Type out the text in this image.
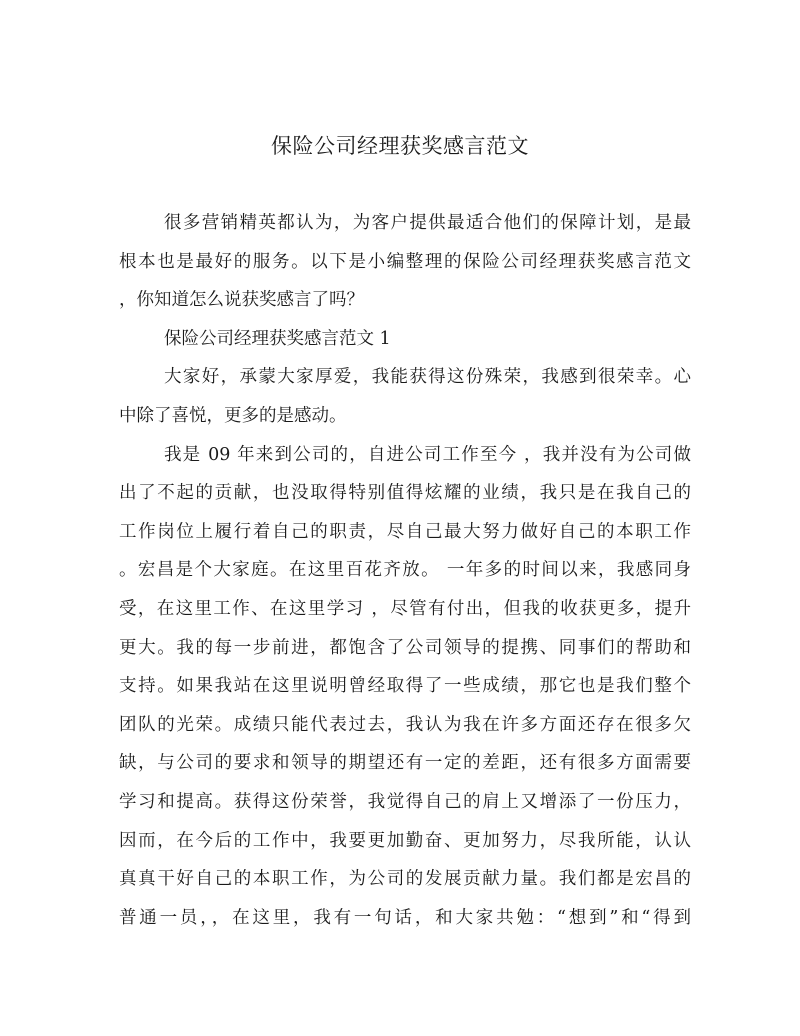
保险公司经理获奖感言范文
很多营销精英都认为，为客户提供最适合他们的保障计划，是最
根本也是最好的服务。以下是小编整理的保险公司经理获奖感言范文
，你知道怎么说获奖感言了吗？
保险公司经理获奖感言范文 1
大家好，承蒙大家厚爱，我能获得这份殊荣，我感到很荣幸。心
中除了喜悦，更多的是感动。
我是 09 年来到公司的，自进公司工作至今 ，我并没有为公司做
出了不起的贡献，也没取得特别值得炫耀的业绩，我只是在我自己的
工作岗位上履行着自己的职责，尽自己最大努力做好自己的本职工作
。宏昌是个大家庭。在这里百花齐放。 一年多的时间以来，我感同身
受，在这里工作、在这里学习 ，尽管有付出，但我的收获更多，提升
更大。我的每一步前进，都饱含了公司领导的提携、同事们的帮助和
支持。如果我站在这里说明曾经取得了一些成绩，那它也是我们整个
团队的光荣。成绩只能代表过去，我认为我在许多方面还存在很多欠
缺，与公司的要求和领导的期望还有一定的差距，还有很多方面需要
学习和提高。获得这份荣誉，我觉得自己的肩上又增添了一份压力，
因而，在今后的工作中，我要更加勤奋、更加努力，尽我所能，认认
真真干好自己的本职工作，为公司的发展贡献力量。我们都是宏昌的
普通一员，，在这里，我有一句话，和大家共勉：“想到”和“得到
